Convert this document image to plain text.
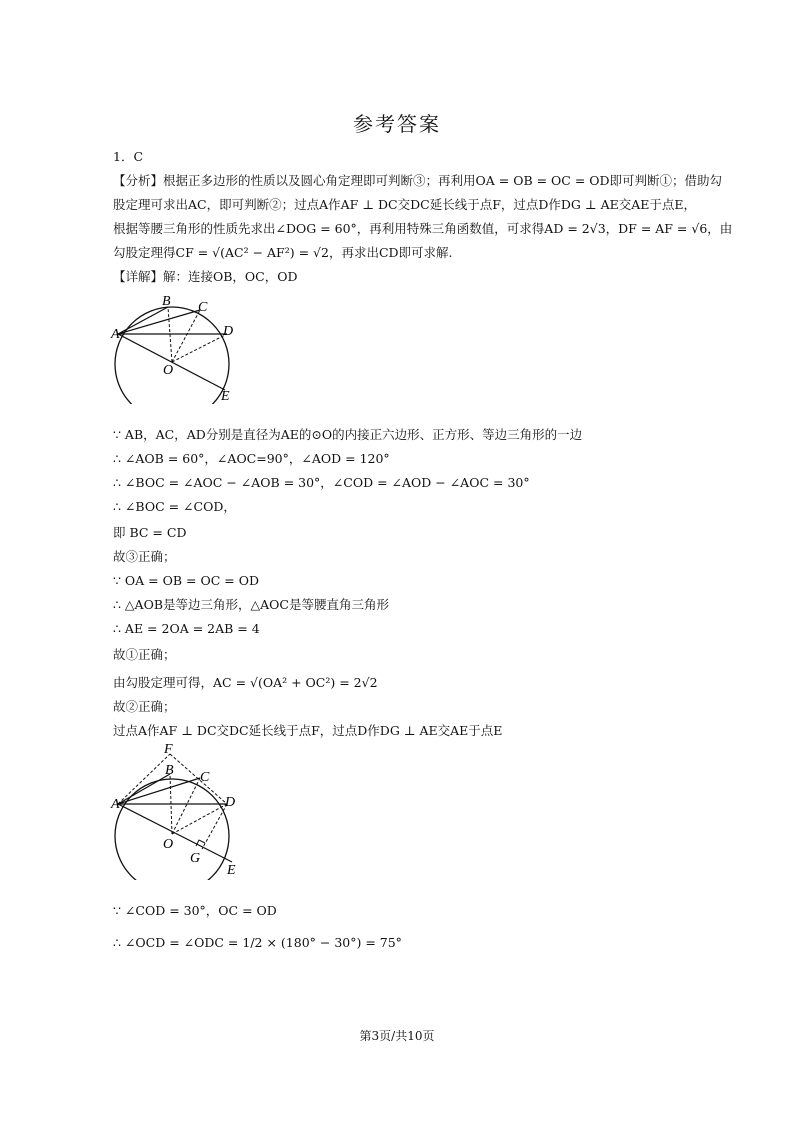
参考答案
1．C
【分析】根据正多边形的性质以及圆心角定理即可判断③；再利用OA = OB = OC = OD即可判断①；借助勾
股定理可求出AC，即可判断②；过点A作AF ⊥ DC交DC延长线于点F，过点D作DG ⊥ AE交AE于点E，
根据等腰三角形的性质先求出∠DOG = 60°，再利用特殊三角函数值，可求得AD = 2√3，DF = AF = √6，由
勾股定理得CF = √(AC² − AF²) = √2，再求出CD即可求解.
【详解】解：连接OB，OC，OD
A
B C
D
O
E
∵ AB，AC，AD分别是直径为AE的⊙O的内接正六边形、正方形、等边三角形的一边
∴ ∠AOB = 60°，∠AOC=90°，∠AOD = 120°
∴ ∠BOC = ∠AOC − ∠AOB = 30°，∠COD = ∠AOD − ∠AOC = 30°
∴ ∠BOC = ∠COD，
即 BC = CD
故③正确；
∵ OA = OB = OC = OD
∴ △AOB是等边三角形，△AOC是等腰直角三角形
∴ AE = 2OA = 2AB = 4
故①正确；
由勾股定理可得，AC = √(OA² + OC²) = 2√2
故②正确；
过点A作AF ⊥ DC交DC延长线于点F，过点D作DG ⊥ AE交AE于点E
F
B C
A	D
O
G
E
∵ ∠COD = 30°，OC = OD
∴ ∠OCD = ∠ODC = 1/2 × (180° − 30°) = 75°
第3页/共10页
